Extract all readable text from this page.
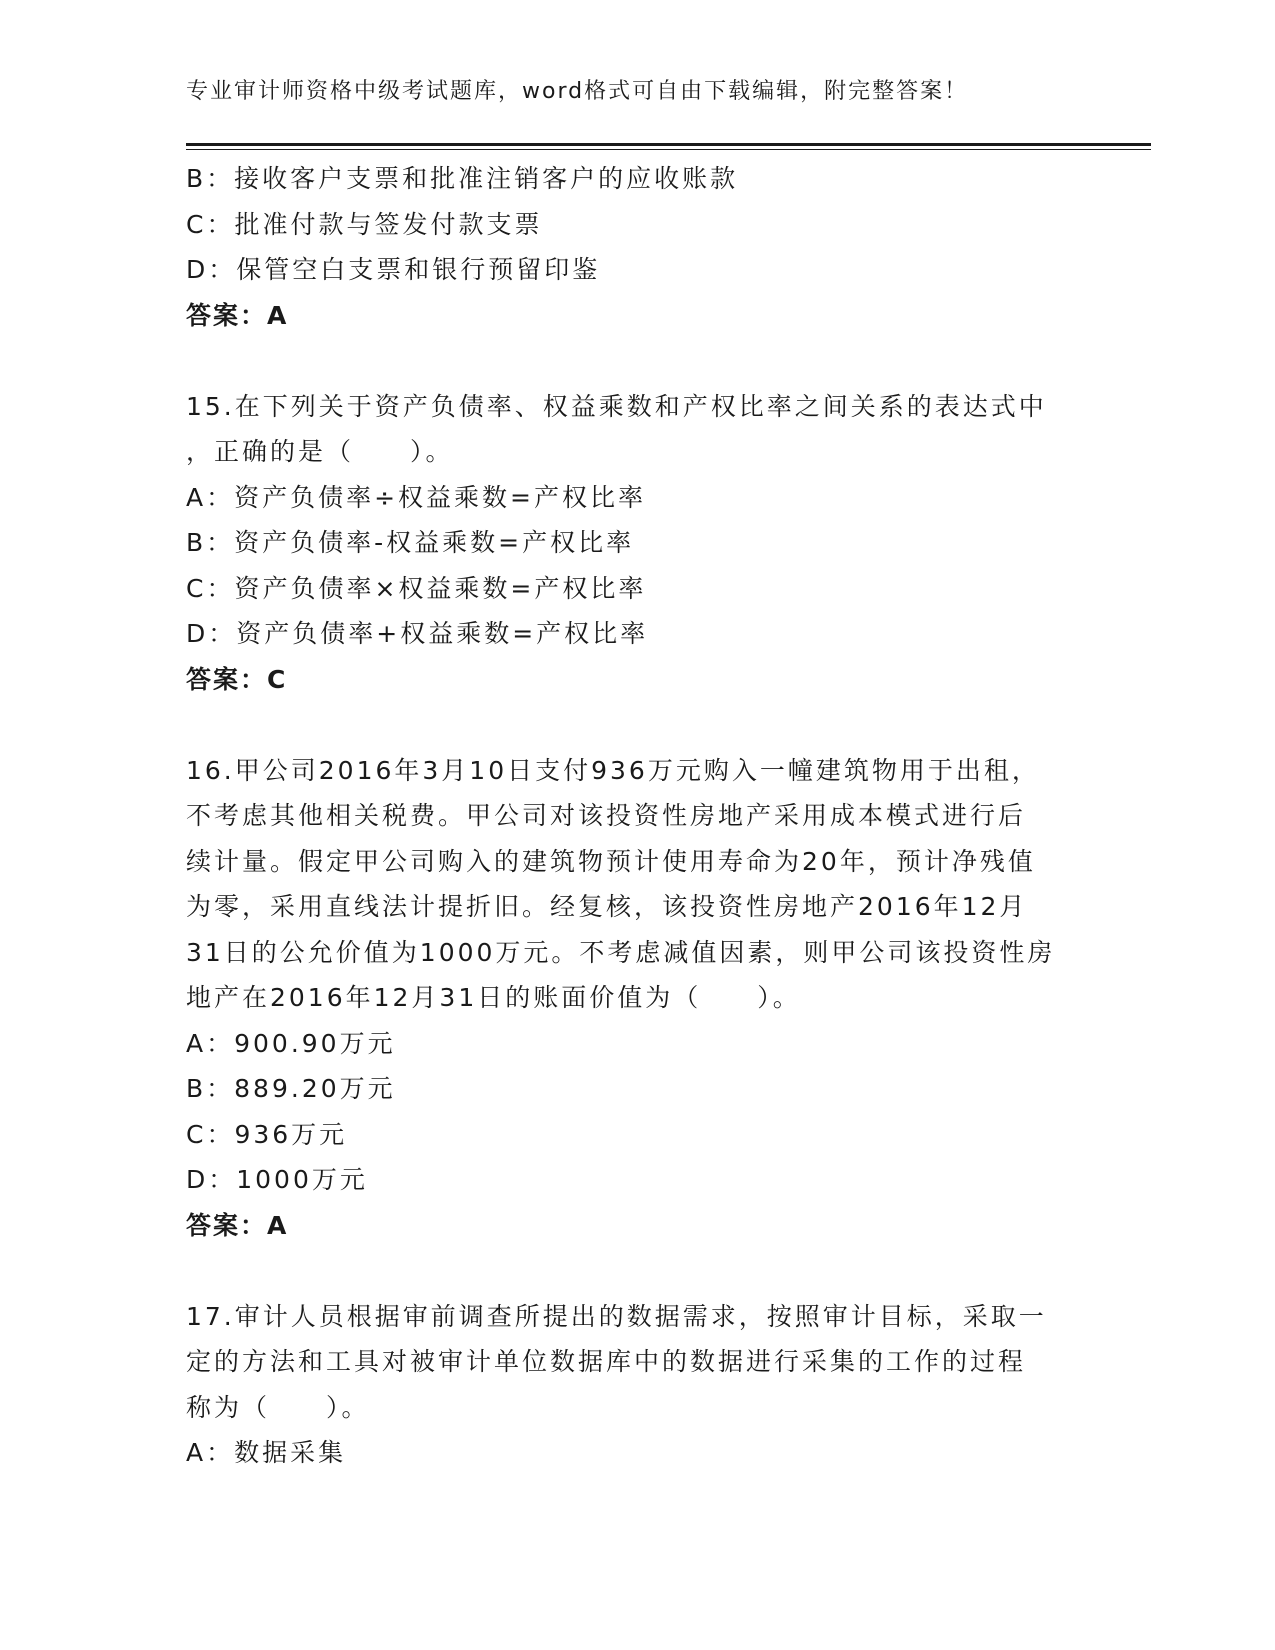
专业审计师资格中级考试题库，word格式可自由下载编辑，附完整答案！
B：接收客户支票和批准注销客户的应收账款
C：批准付款与签发付款支票
D：保管空白支票和银行预留印鉴
答案：A
15.在下列关于资产负债率、权益乘数和产权比率之间关系的表达式中
，正确的是（　　）。
A：资产负债率÷权益乘数=产权比率
B：资产负债率-权益乘数=产权比率
C：资产负债率×权益乘数=产权比率
D：资产负债率+权益乘数=产权比率
答案：C
16.甲公司2016年3月10日支付936万元购入一幢建筑物用于出租，
不考虑其他相关税费。甲公司对该投资性房地产采用成本模式进行后
续计量。假定甲公司购入的建筑物预计使用寿命为20年，预计净残值
为零，采用直线法计提折旧。经复核，该投资性房地产2016年12月
31日的公允价值为1000万元。不考虑减值因素，则甲公司该投资性房
地产在2016年12月31日的账面价值为（　　）。
A：900.90万元
B：889.20万元
C：936万元
D：1000万元
答案：A
17.审计人员根据审前调查所提出的数据需求，按照审计目标，采取一
定的方法和工具对被审计单位数据库中的数据进行采集的工作的过程
称为（　　）。
A：数据采集
